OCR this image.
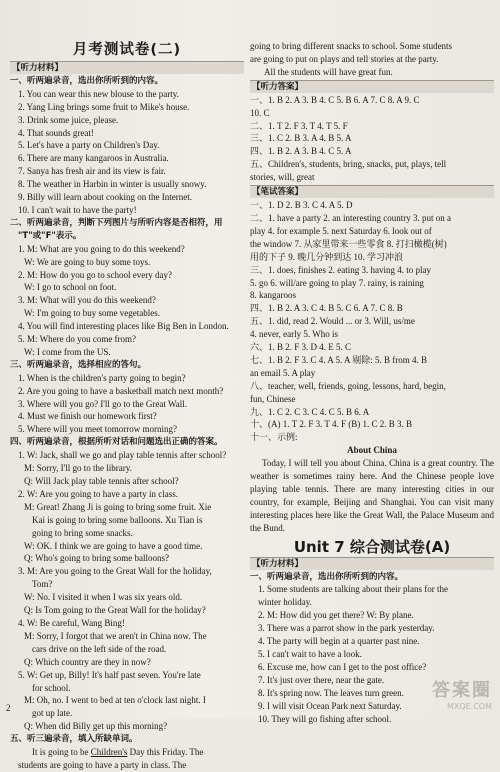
月考测试卷(二)
【听力材料】
一、听两遍录音，选出你所听到的内容。
1. You can wear this new blouse to the party.
2. Yang Ling brings some fruit to Mike's house.
3. Drink some juice, please.
4. That sounds great!
5. Let's have a party on Children's Day.
6. There are many kangaroos in Australia.
7. Sanya has fresh air and its view is fair.
8. The weather in Harbin in winter is usually snowy.
9. Billy will learn about cooking on the Internet.
10. I can't wait to have the party!
二、听两遍录音，判断下列图片与所听内容是否相符，用
"T"或"F"表示。
1. M: What are you going to do this weekend?
W: We are going to buy some toys.
2. M: How do you go to school every day?
W: I go to school on foot.
3. M: What will you do this weekend?
W: I'm going to buy some vegetables.
4. You will find interesting places like Big Ben in London.
5. M: Where do you come from?
W: I come from the US.
三、听两遍录音，选择相应的答句。
1. When is the children's party going to begin?
2. Are you going to have a basketball match next month?
3. Where will you go? I'll go to the Great Wall.
4. Must we finish our homework first?
5. Where will you meet tomorrow morning?
四、听两遍录音，根据所听对话和问题选出正确的答案。
1. W: Jack, shall we go and play table tennis after school?
M: Sorry, I'll go to the library.
Q: Will Jack play table tennis after school?
2. W: Are you going to have a party in class.
M: Great! Zhang Ji is going to bring some fruit. Xie
Kai is going to bring some balloons. Xu Tian is
going to bring some snacks.
W: OK. I think we are going to have a good time.
Q: Who's going to bring some balloons?
3. M: Are you going to the Great Wall for the holiday,
Tom?
W: No. I visited it when I was six years old.
Q: Is Tom going to the Great Wall for the holiday?
4. W: Be careful, Wang Bing!
M: Sorry, I forgot that we aren't in China now. The
cars drive on the left side of the road.
Q: Which country are they in now?
5. W: Get up, Billy! It's half past seven. You're late
for school.
M: Oh, no. I went to bed at ten o'clock last night. I
got up late.
Q: When did Billy get up this morning?
五、听三遍录音，填入所缺单词。
It is going to be Children's Day this Friday. The
students are going to have a party in class. The
going to bring different snacks to school. Some students
are going to put on plays and tell stories at the party.
All the students will have great fun.
【听力答案】
一、1. B 2. A 3. B 4. C 5. B 6. A 7. C 8. A 9. C
10. C
二、1. T 2. F 3. T 4. T 5. F
三、1. C 2. B 3. A 4. B 5. A
四、1. B 2. A 3. B 4. C 5. A
五、Children's, students, bring, snacks, put, plays, tell
stories, will, great
【笔试答案】
一、1. D 2. B 3. C 4. A 5. D
二、1. have a party 2. an interesting country 3. put on a
play 4. for example 5. next Saturday 6. look out of
the window 7. 从家里带来一些零食 8. 打扫橄榄(树)
用的下子 9. 晚几分钟到达 10. 学习冲浪
三、1. does, finishes 2. eating 3. having 4. to play
5. go 6. will/are going to play 7. rainy, is raining
8. kangaroos
四、1. B 2. A 3. C 4. B 5. C 6. A 7. C 8. B
五、1. did, read 2. Would ... or 3. Will, us/me
4. never, early 5. Who is
六、1. B 2. F 3. D 4. E 5. C
七、1. B 2. F 3. C 4. A 5. A 剔除: 5. B from 4. B
an email 5. A play
八、teacher, well, friends, going, lessons, hard, begin,
fun, Chinese
九、1. C 2. C 3. C 4. C 5. B 6. A
十、(A) 1. T 2. F 3. T 4. F (B) 1. C 2. B 3. B
十一、示例:
About China
Today, I will tell you about China. China is a great country. The weather is sometimes rainy here. And the Chinese people love playing table tennis. There are many interesting cities in our country, for example, Beijing and Shanghai. You can visit many interesting places here like the Great Wall, the Palace Museum and the Bund.
Unit 7 综合测试卷(A)
【听力材料】
一、听两遍录音，选出你所听到的内容。
1. Some students are talking about their plans for the
winter holiday.
2. M: How did you get there? W: By plane.
3. There was a parrot show in the park yesterday.
4. The party will begin at a quarter past nine.
5. I can't wait to have a look.
6. Excuse me, how can I get to the post office?
7. It's just over there, near the gate.
8. It's spring now. The leaves turn green.
9. I will visit Ocean Park next Saturday.
10. They will go fishing after school.
2
答案圈
MXQE.COM
